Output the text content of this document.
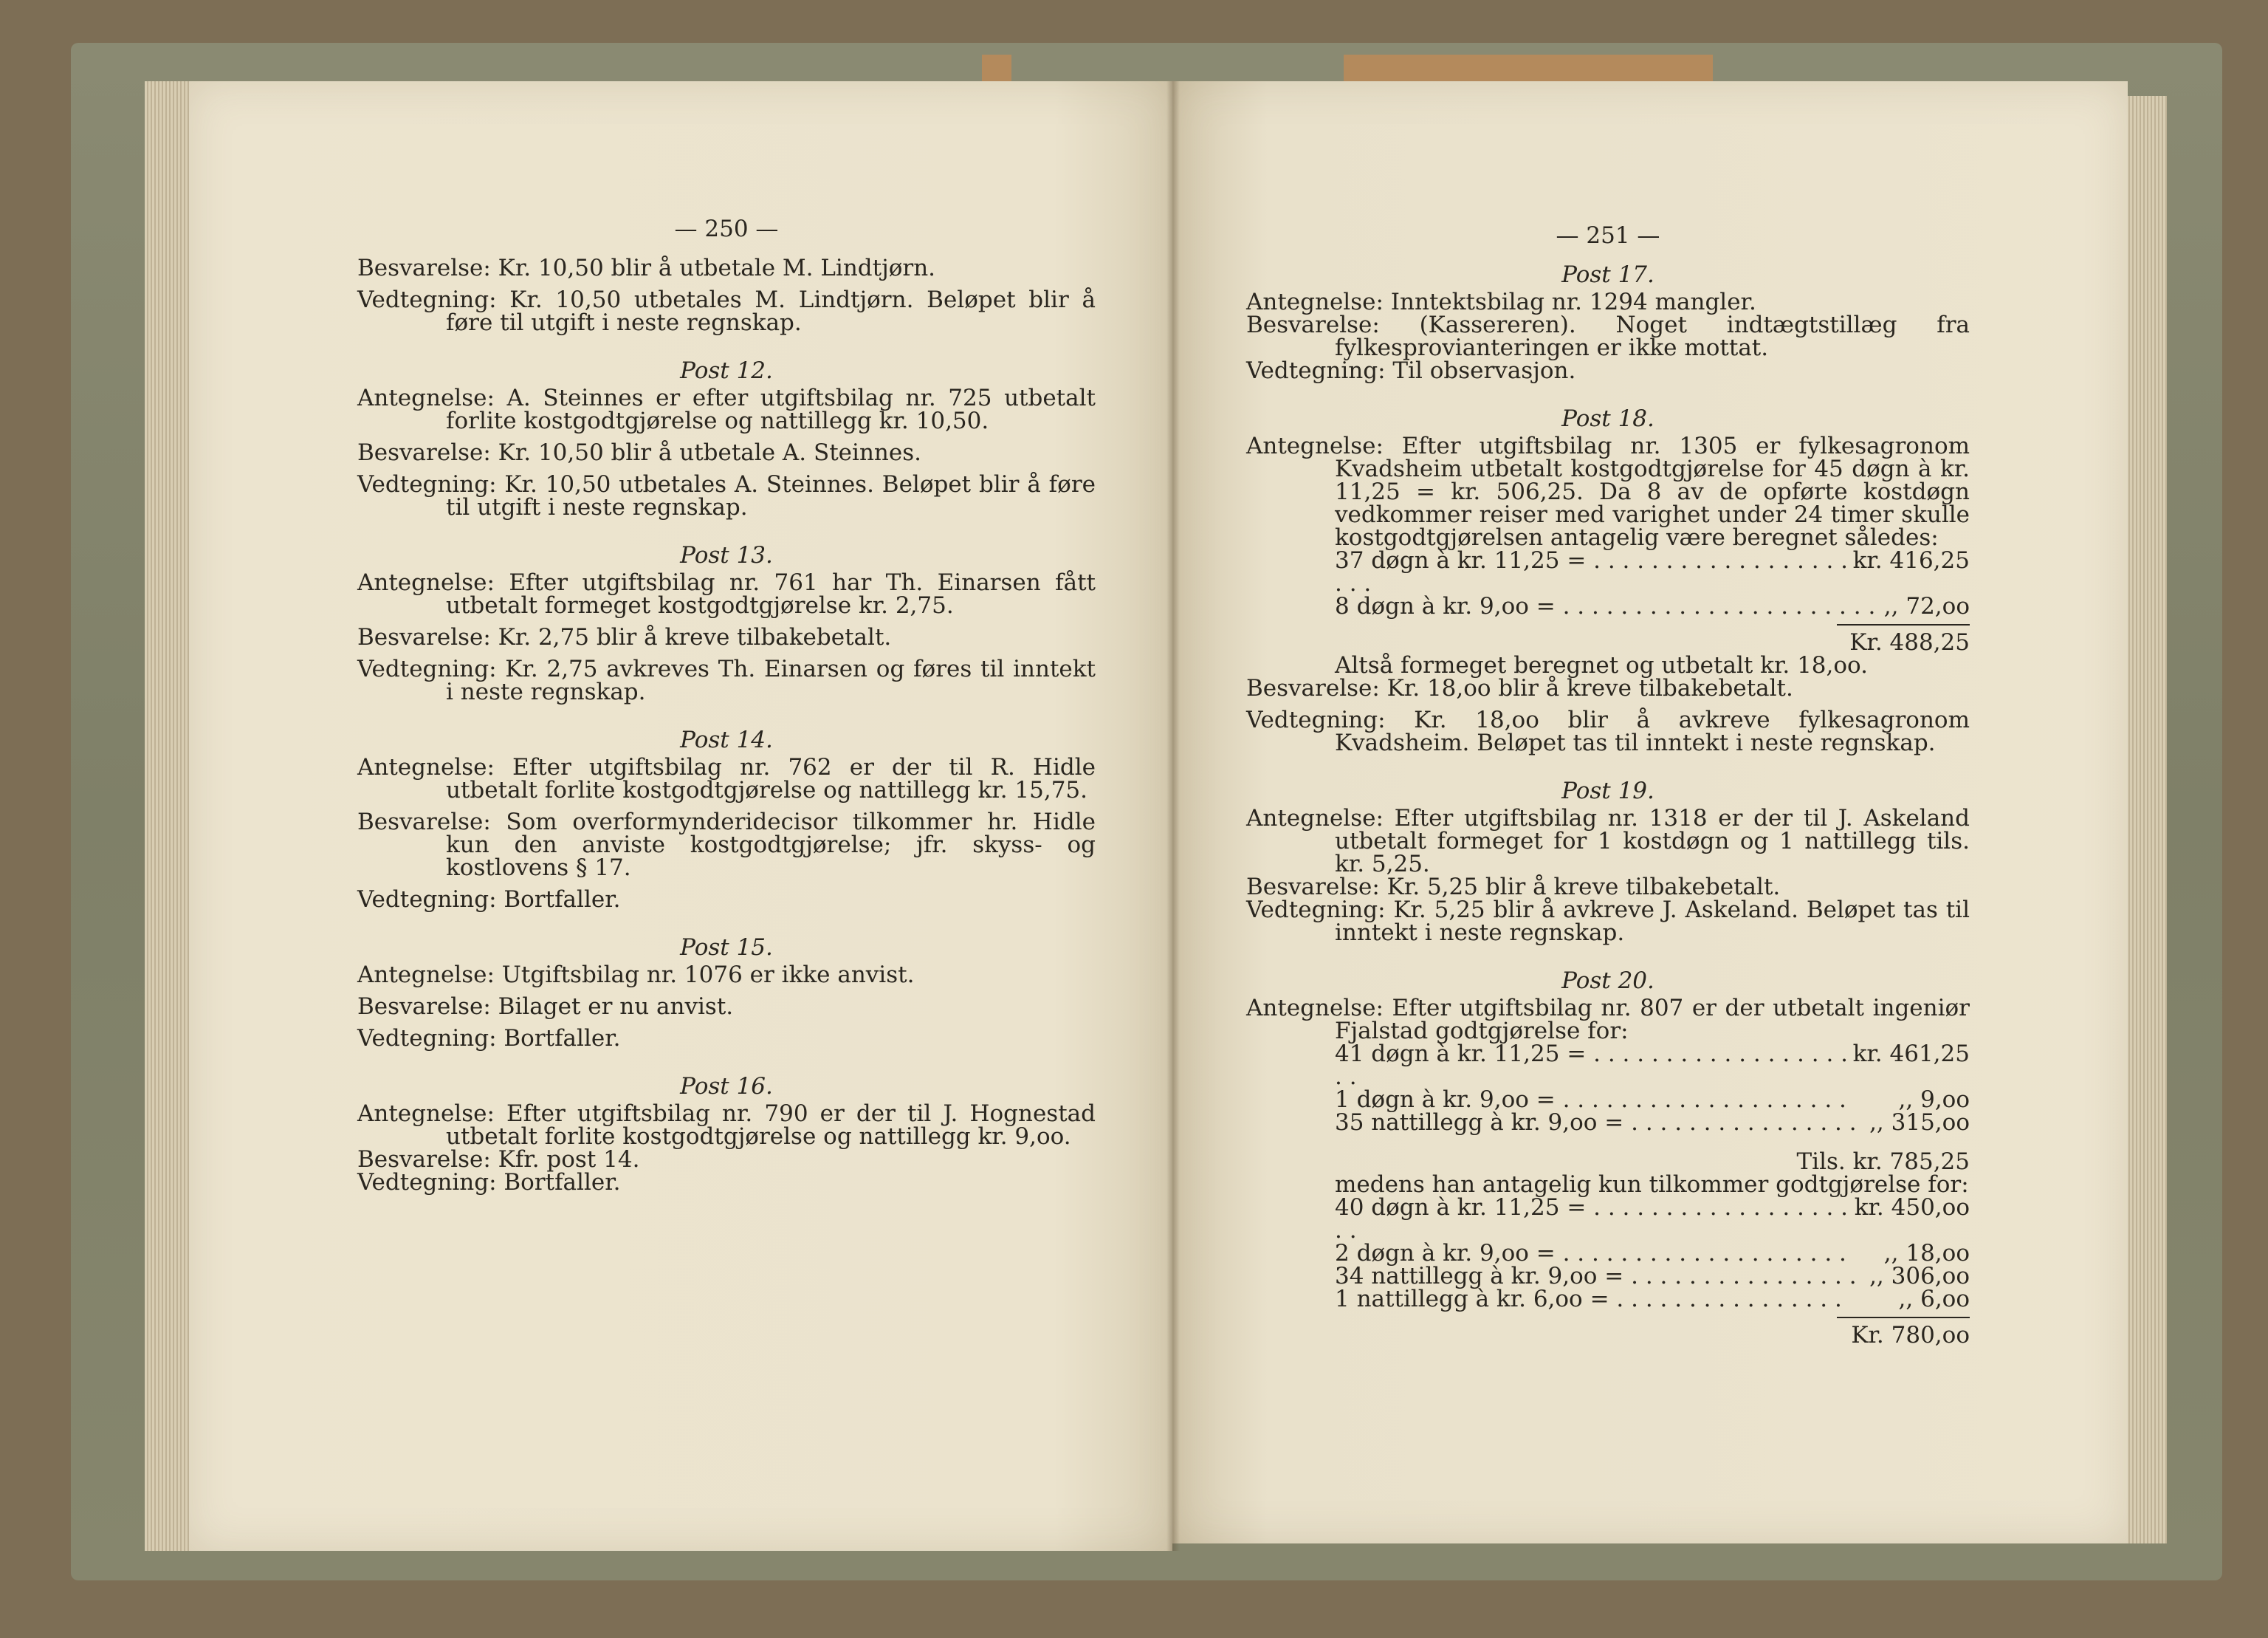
— 250 —

Besvarelse: Kr. 10,50 blir å utbetale M. Lindtjørn.

Vedtegning: Kr. 10,50 utbetales M. Lindtjørn. Beløpet blir å føre til utgift i neste regnskap.

Post 12.

Antegnelse: A. Steinnes er efter utgiftsbilag nr. 725 utbetalt forlite kostgodtgjørelse og nattillegg kr. 10,50.

Besvarelse: Kr. 10,50 blir å utbetale A. Steinnes.

Vedtegning: Kr. 10,50 utbetales A. Steinnes. Beløpet blir å føre til utgift i neste regnskap.

Post 13.

Antegnelse: Efter utgiftsbilag nr. 761 har Th. Einarsen fått utbetalt formeget kostgodtgjørelse kr. 2,75.

Besvarelse: Kr. 2,75 blir å kreve tilbakebetalt.

Vedtegning: Kr. 2,75 avkreves Th. Einarsen og føres til inntekt i neste regnskap.

Post 14.

Antegnelse: Efter utgiftsbilag nr. 762 er der til R. Hidle utbetalt forlite kostgodtgjørelse og nattillegg kr. 15,75.

Besvarelse: Som overformynderidecisor tilkommer hr. Hidle kun den anviste kostgodtgjørelse; jfr. skyss- og kostlovens § 17.

Vedtegning: Bortfaller.

Post 15.

Antegnelse: Utgiftsbilag nr. 1076 er ikke anvist.

Besvarelse: Bilaget er nu anvist.

Vedtegning: Bortfaller.

Post 16.

Antegnelse: Efter utgiftsbilag nr. 790 er der til J. Hognestad utbetalt forlite kostgodtgjørelse og nattillegg kr. 9,oo.

Besvarelse: Kfr. post 14.

Vedtegning: Bortfaller.

— 251 —
Post 17.

Antegnelse: Inntektsbilag nr. 1294 mangler.

Besvarelse: (Kassereren). Noget indtægtstillæg fra fylkesprovianteringen er ikke mottat.

Vedtegning: Til observasjon.

Post 18.

Antegnelse: Efter utgiftsbilag nr. 1305 er fylkesagronom Kvadsheim utbetalt kostgodtgjørelse for 45 døgn à kr. 11,25 = kr. 506,25. Da 8 av de opførte kostdøgn vedkommer reiser med varighet under 24 timer skulle kostgodtgjørelsen antagelig være beregnet således:

37 døgn à kr. 11,25 = . . . . . . . . . . . . . . . . . . . . .
kr. 416,25
8 døgn à kr. 9,oo = . . . . . . . . . . . . . . . . . . . . . . ,, 72,oo
Kr. 488,25
Altså formeget beregnet og utbetalt kr. 18,oo.

Besvarelse: Kr. 18,oo blir å kreve tilbakebetalt.

Vedtegning: Kr. 18,oo blir å avkreve fylkesagronom Kvadsheim. Beløpet tas til inntekt i neste regnskap.

Post 19.

Antegnelse: Efter utgiftsbilag nr. 1318 er der til J. Askeland utbetalt formeget for 1 kostdøgn og 1 nattillegg tils. kr. 5,25.

Besvarelse: Kr. 5,25 blir å kreve tilbakebetalt.

Vedtegning: Kr. 5,25 blir å avkreve J. Askeland. Beløpet tas til inntekt i neste regnskap.

Post 20.

Antegnelse: Efter utgiftsbilag nr. 807 er der utbetalt ingeniør Fjalstad godtgjørelse for:

41 døgn à kr. 11,25 = . . . . . . . . . . . . . . . . . . . .
kr. 461,25
1 døgn à kr. 9,oo = . . . . . . . . . . . . . . . . . . . . ,, 9,oo
35 nattillegg à kr. 9,oo = . . . . . . . . . . . . . . . . ,, 315,oo
Tils. kr. 785,25
medens han antagelig kun tilkommer godtgjørelse for:
40 døgn à kr. 11,25 = . . . . . . . . . . . . . . . . . . . .
kr. 450,oo
2 døgn à kr. 9,oo = . . . . . . . . . . . . . . . . . . . . ,, 18,oo
34 nattillegg à kr. 9,oo = . . . . . . . . . . . . . . . . ,, 306,oo
1 nattillegg à kr. 6,oo = . . . . . . . . . . . . . . . . ,, 6,oo
Kr. 780,oo
